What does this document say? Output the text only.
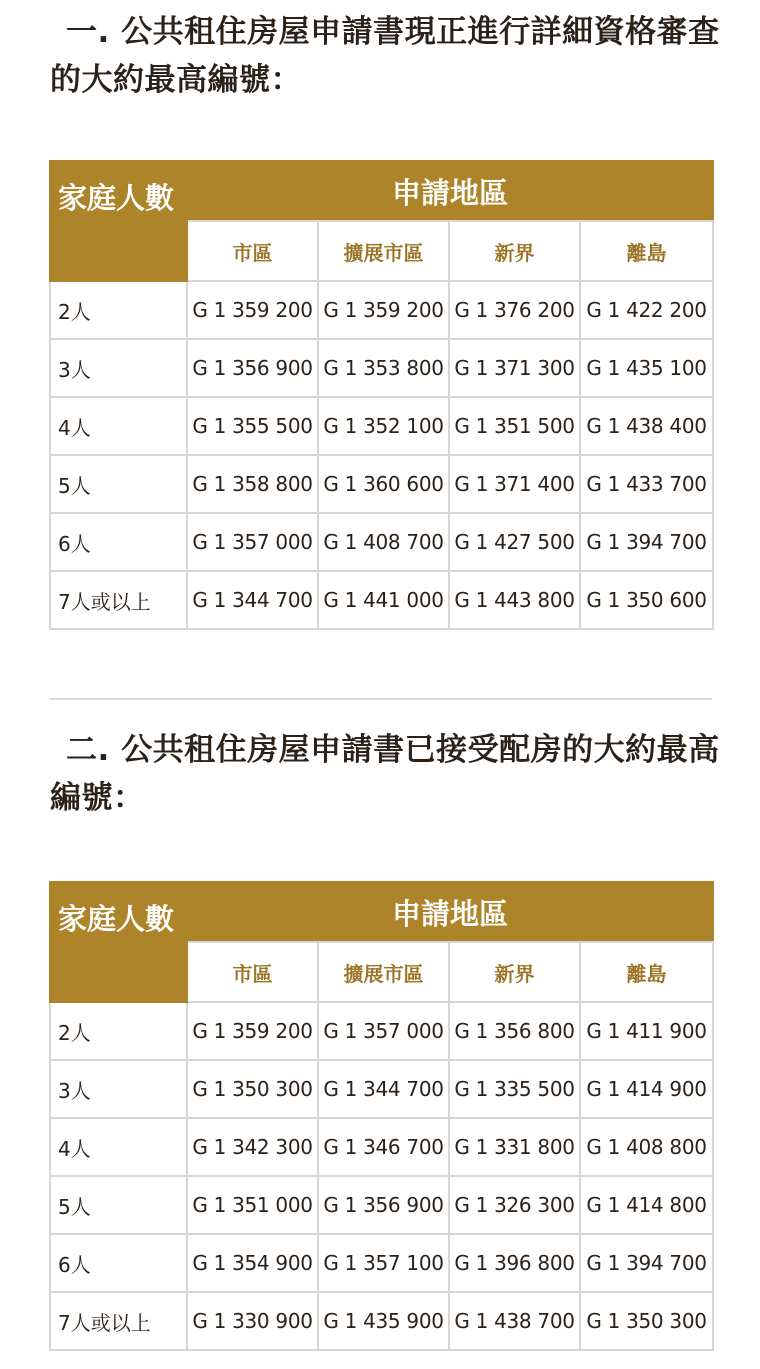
一. 公共租住房屋申請書現正進行詳細資格審查的大約最高編號：
家庭人數	申請地區			
	市區	擴展市區	新界	離島
2人	G 1 359 200	G 1 359 200	G 1 376 200	G 1 422 200
3人	G 1 356 900	G 1 353 800	G 1 371 300	G 1 435 100
4人	G 1 355 500	G 1 352 100	G 1 351 500	G 1 438 400
5人	G 1 358 800	G 1 360 600	G 1 371 400	G 1 433 700
6人	G 1 357 000	G 1 408 700	G 1 427 500	G 1 394 700
7人或以上	G 1 344 700	G 1 441 000	G 1 443 800	G 1 350 600
二. 公共租住房屋申請書已接受配房的大約最高編號：
家庭人數	申請地區			
	市區	擴展市區	新界	離島
2人	G 1 359 200	G 1 357 000	G 1 356 800	G 1 411 900
3人	G 1 350 300	G 1 344 700	G 1 335 500	G 1 414 900
4人	G 1 342 300	G 1 346 700	G 1 331 800	G 1 408 800
5人	G 1 351 000	G 1 356 900	G 1 326 300	G 1 414 800
6人	G 1 354 900	G 1 357 100	G 1 396 800	G 1 394 700
7人或以上	G 1 330 900	G 1 435 900	G 1 438 700	G 1 350 300
